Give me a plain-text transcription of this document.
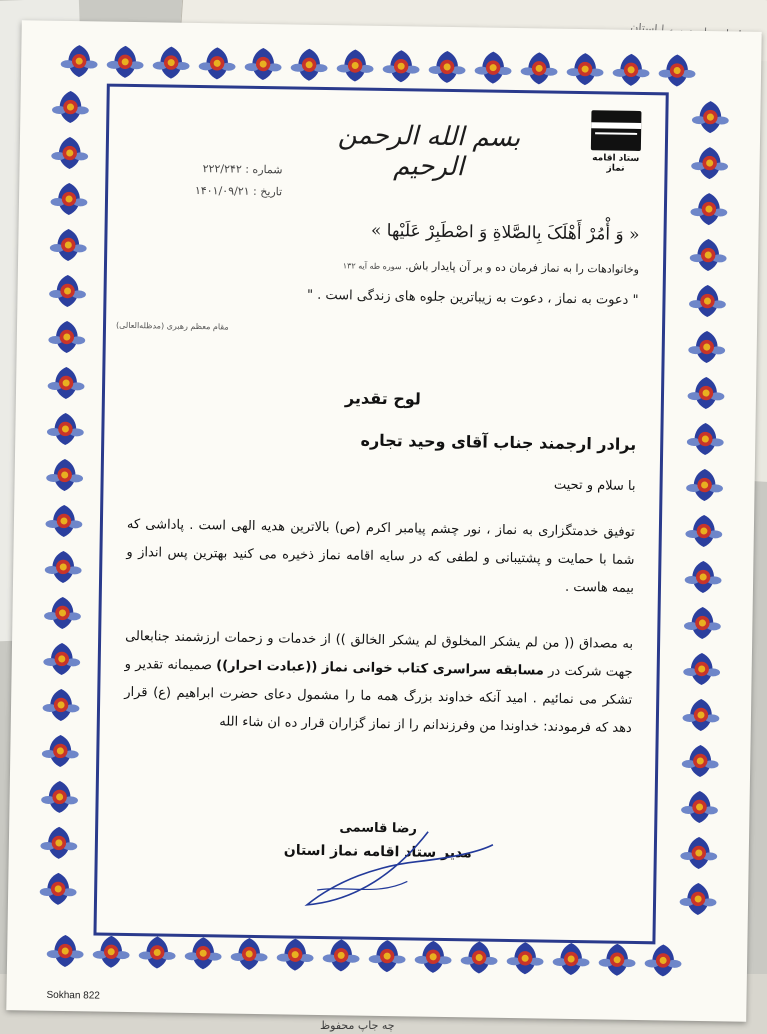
چه جاپ محفوظ
ستاد اقامه نماز
بسم الله الرحمن الرحیم
شماره : ۲۲۲/۲۴۲
تاریخ : ۱۴۰۱/۰۹/۲۱
« وَ أْمُرْ أَهْلَکَ بِالصَّلاةِ وَ اصْطَبِرْ عَلَيْها »
وخانوادهات را به نماز فرمان ده و بر آن پایدار باش. سوره طه آیه ۱۳۲
" دعوت به نماز ، دعوت به زیباترین جلوه های زندگی است . "
مقام معظم رهبری (مدظله‌العالی)
لوح تقدیر
برادر ارجمند جناب آقای وحید تجاره
با سلام و تحیت
توفیق خدمتگزاری به نماز ، نور چشم پیامبر اکرم (ص) بالاترین هدیه الهی است . پاداشی که شما با حمایت و پشتیبانی و لطفی که در سایه اقامه نماز ذخیره می کنید بهترین پس انداز و بیمه هاست .
به مصداق (( من لم یشکر المخلوق لم یشکر الخالق )) از خدمات و زحمات ارزشمند جنابعالی جهت شرکت در مسابقه سراسری کتاب خوانی نماز ((عبادت احرار)) صمیمانه تقدیر و تشکر می نمائیم . امید آنکه خداوند بزرگ همه ما را مشمول دعای حضرت ابراهیم (ع) قرار دهد که فرمودند: خداوندا من وفرزندانم را از نماز گزاران قرار ده ان شاء الله
رضا قاسمی
مدیر ستاد اقامه نماز استان
Sokhan 822
